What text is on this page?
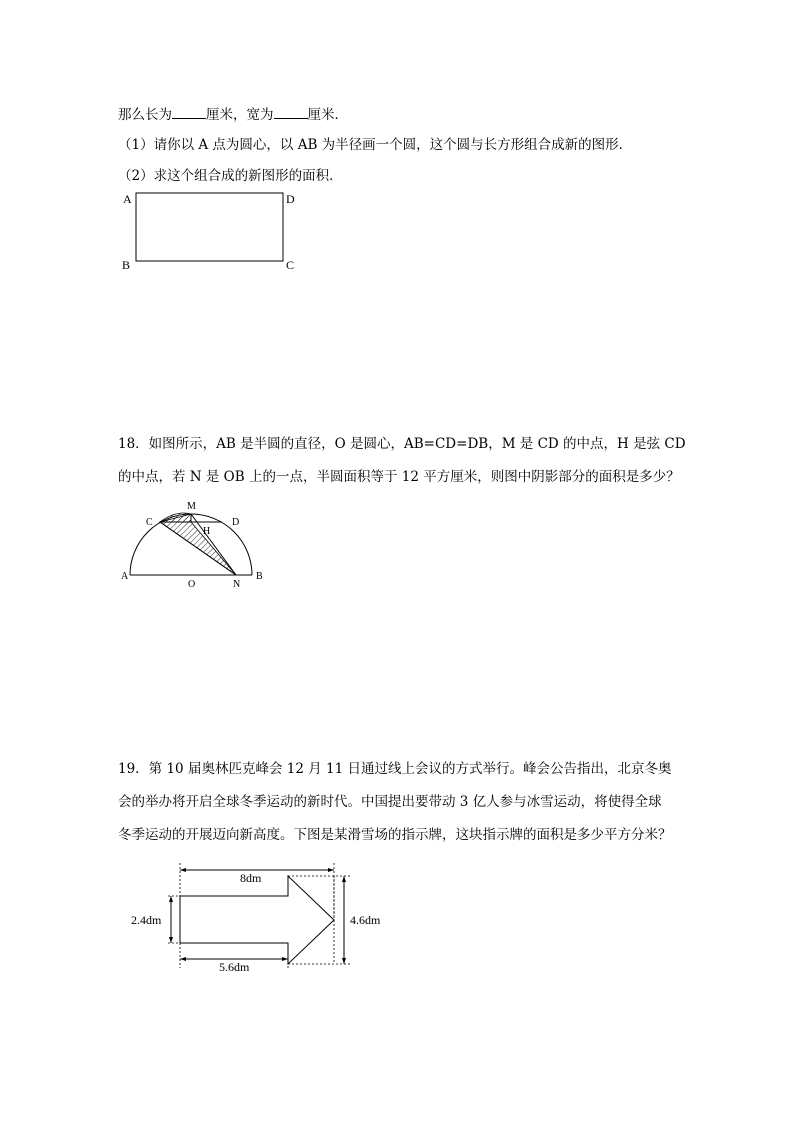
那么长为	厘米，宽为	厘米．
（1）请你以 A 点为圆心，以 AB 为半径画一个圆，这个圆与长方形组合成新的图形．
（2）求这个组合成的新图形的面积．
A	D
B	C
18．如图所示，AB 是半圆的直径，O 是圆心，AB=CD=DB，M 是 CD 的中点，H 是弦 CD
的中点，若 N 是 OB 上的一点，半圆面积等于 12 平方厘米，则图中阴影部分的面积是多少？
M
C	D
H
A	B
O	N
19．第 10 届奥林匹克峰会 12 月 11 日通过线上会议的方式举行。峰会公告指出，北京冬奥
会的举办将开启全球冬季运动的新时代。中国提出要带动 3 亿人参与冰雪运动，将使得全球
冬季运动的开展迈向新高度。下图是某滑雪场的指示牌，这块指示牌的面积是多少平方分米？
8dm
2.4dm
5.6dm
4.6dm
